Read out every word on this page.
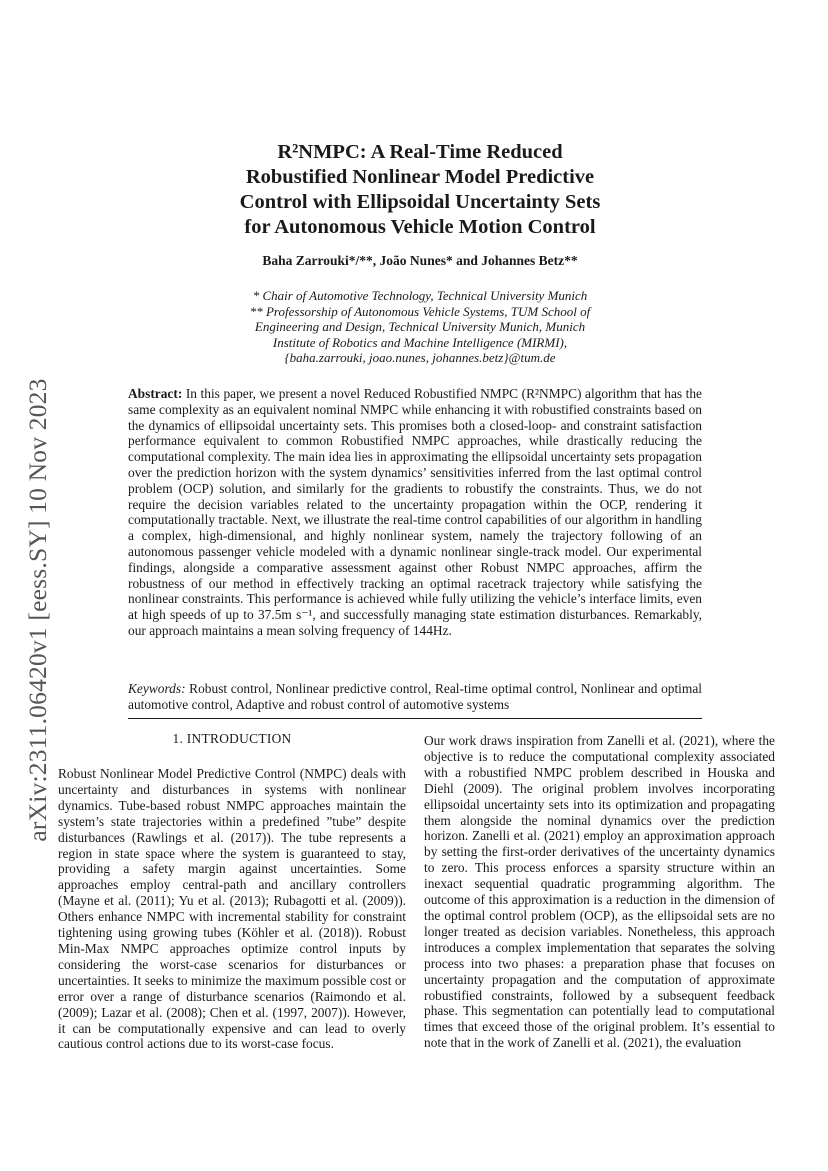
arXiv:2311.06420v1 [eess.SY] 10 Nov 2023
R²NMPC: A Real-Time Reduced
Robustified Nonlinear Model Predictive
Control with Ellipsoidal Uncertainty Sets
for Autonomous Vehicle Motion Control
Baha Zarrouki*/**, João Nunes* and Johannes Betz**
* Chair of Automotive Technology, Technical University Munich
** Professorship of Autonomous Vehicle Systems, TUM School of
Engineering and Design, Technical University Munich, Munich
Institute of Robotics and Machine Intelligence (MIRMI),
{baha.zarrouki, joao.nunes, johannes.betz}@tum.de
Abstract: In this paper, we present a novel Reduced Robustified NMPC (R²NMPC) algorithm that has the same complexity as an equivalent nominal NMPC while enhancing it with robustified constraints based on the dynamics of ellipsoidal uncertainty sets. This promises both a closed-loop- and constraint satisfaction performance equivalent to common Robustified NMPC approaches, while drastically reducing the computational complexity. The main idea lies in approximating the ellipsoidal uncertainty sets propagation over the prediction horizon with the system dynamics’ sensitivities inferred from the last optimal control problem (OCP) solution, and similarly for the gradients to robustify the constraints. Thus, we do not require the decision variables related to the uncertainty propagation within the OCP, rendering it computationally tractable. Next, we illustrate the real-time control capabilities of our algorithm in handling a complex, high-dimensional, and highly nonlinear system, namely the trajectory following of an autonomous passenger vehicle modeled with a dynamic nonlinear single-track model. Our experimental findings, alongside a comparative assessment against other Robust NMPC approaches, affirm the robustness of our method in effectively tracking an optimal racetrack trajectory while satisfying the nonlinear constraints. This performance is achieved while fully utilizing the vehicle’s interface limits, even at high speeds of up to 37.5m s⁻¹, and successfully managing state estimation disturbances. Remarkably, our approach maintains a mean solving frequency of 144Hz.
Keywords: Robust control, Nonlinear predictive control, Real-time optimal control, Nonlinear and optimal automotive control, Adaptive and robust control of automotive systems
1. INTRODUCTION
Robust Nonlinear Model Predictive Control (NMPC) deals with uncertainty and disturbances in systems with nonlinear dynamics. Tube-based robust NMPC approaches maintain the system’s state trajectories within a predefined ”tube” despite disturbances (Rawlings et al. (2017)). The tube represents a region in state space where the system is guaranteed to stay, providing a safety margin against uncertainties. Some approaches employ central-path and ancillary controllers (Mayne et al. (2011); Yu et al. (2013); Rubagotti et al. (2009)). Others enhance NMPC with incremental stability for constraint tightening using growing tubes (Köhler et al. (2018)). Robust Min-Max NMPC approaches optimize control inputs by considering the worst-case scenarios for disturbances or uncertainties. It seeks to minimize the maximum possible cost or error over a range of disturbance scenarios (Raimondo et al. (2009); Lazar et al. (2008); Chen et al. (1997, 2007)). However, it can be computationally expensive and can lead to overly cautious control actions due to its worst-case focus.
Our work draws inspiration from Zanelli et al. (2021), where the objective is to reduce the computational complexity associated with a robustified NMPC problem described in Houska and Diehl (2009). The original problem involves incorporating ellipsoidal uncertainty sets into its optimization and propagating them alongside the nominal dynamics over the prediction horizon. Zanelli et al. (2021) employ an approximation approach by setting the first-order derivatives of the uncertainty dynamics to zero. This process enforces a sparsity structure within an inexact sequential quadratic programming algorithm. The outcome of this approximation is a reduction in the dimension of the optimal control problem (OCP), as the ellipsoidal sets are no longer treated as decision variables. Nonetheless, this approach introduces a complex implementation that separates the solving process into two phases: a preparation phase that focuses on uncertainty propagation and the computation of approximate robustified constraints, followed by a subsequent feedback phase. This segmentation can potentially lead to computational times that exceed those of the original problem. It’s essential to note that in the work of Zanelli et al. (2021), the evaluation
